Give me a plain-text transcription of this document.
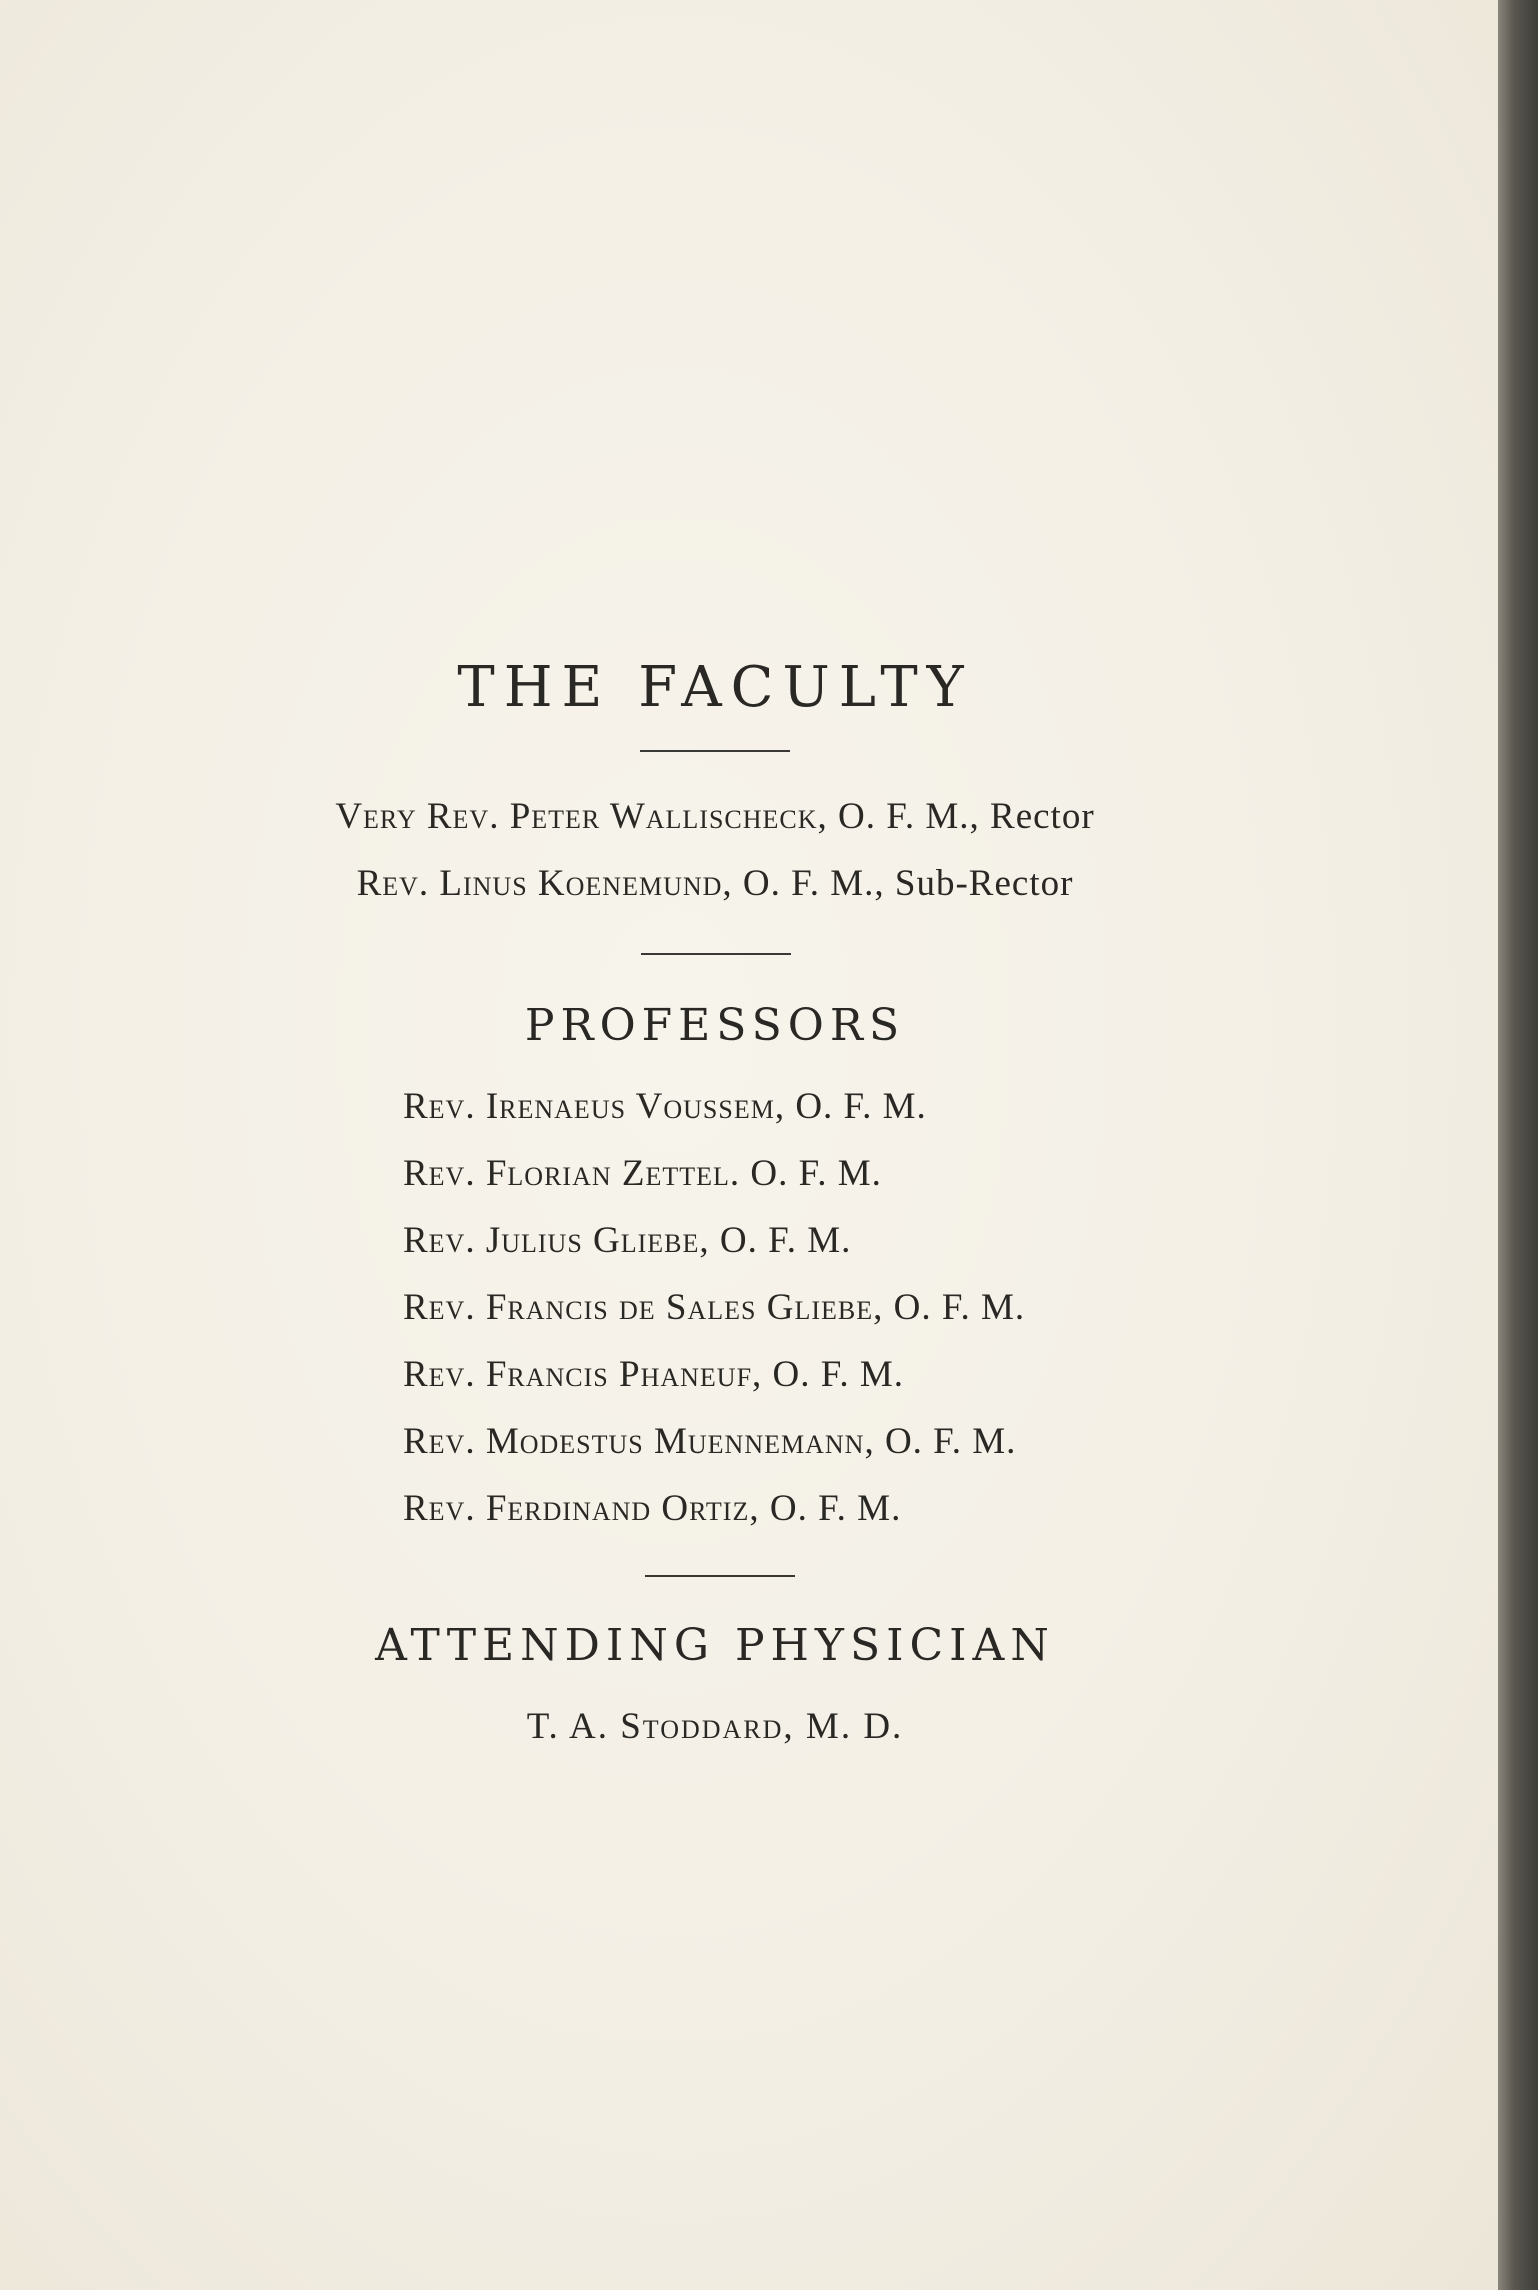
THE FACULTY
Very Rev. Peter Wallischeck, O. F. M., Rector
Rev. Linus Koenemund, O. F. M., Sub-Rector
PROFESSORS
Rev. Irenaeus Voussem, O. F. M.
Rev. Florian Zettel. O. F. M.
Rev. Julius Gliebe, O. F. M.
Rev. Francis de Sales Gliebe, O. F. M.
Rev. Francis Phaneuf, O. F. M.
Rev. Modestus Muennemann, O. F. M.
Rev. Ferdinand Ortiz, O. F. M.
ATTENDING PHYSICIAN
T. A. Stoddard, M. D.
